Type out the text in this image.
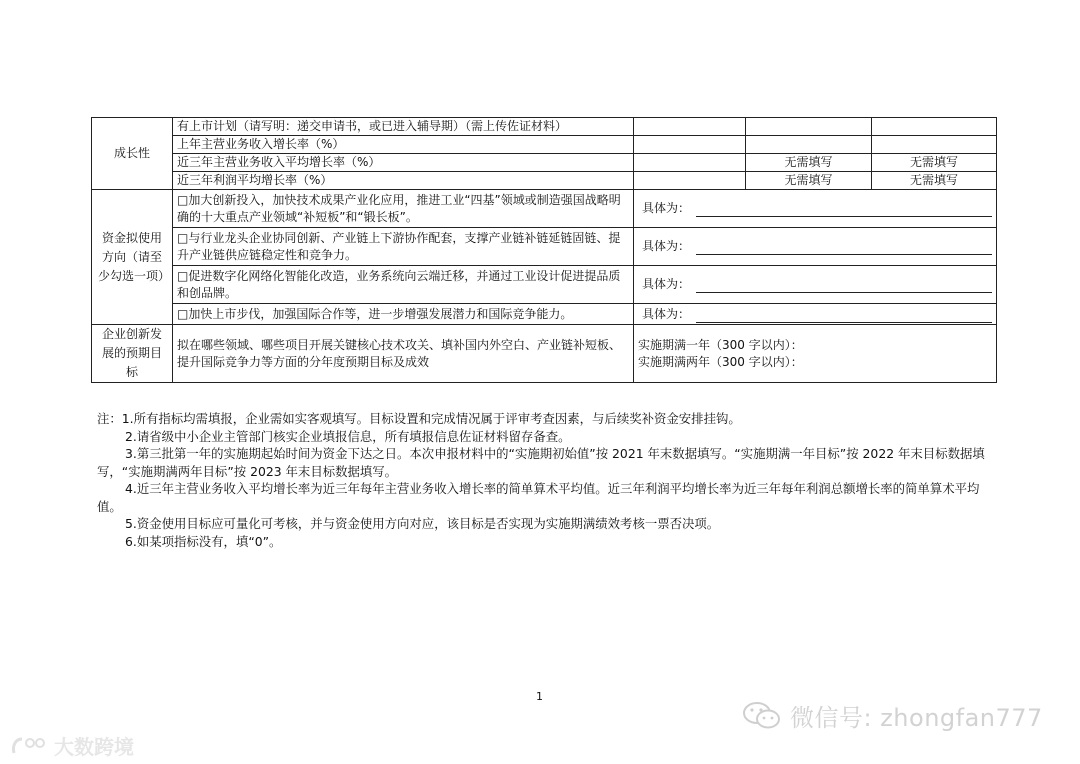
成长性	有上市计划（请写明：递交申请书，或已进入辅导期）（需上传佐证材料）			
	上年主营业务收入增长率（%）			
	近三年主营业务收入平均增长率（%）		无需填写	无需填写
	近三年利润平均增长率（%）		无需填写	无需填写
资金拟使用方向（请至少勾选一项）	□加大创新投入，加快技术成果产业化应用，推进工业“四基”领域或制造强国战略明确的十大重点产业领域“补短板”和“锻长板”。	具体为：		

	□与行业龙头企业协同创新、产业链上下游协作配套，支撑产业链补链延链固链、提升产业链供应链稳定性和竞争力。	具体为：		

	□促进数字化网络化智能化改造，业务系统向云端迁移，并通过工业设计促进提品质和创品牌。	具体为：		

	□加快上市步伐，加强国际合作等，进一步增强发展潜力和国际竞争能力。	具体为：		

企业创新发展的预期目标	拟在哪些领域、哪些项目开展关键核心技术攻关、填补国内外空白、产业链补短板、提升国际竞争力等方面的分年度预期目标及成效	实施期满一年（300 字以内）：
实施期满两年（300 字以内）：		

注：1.所有指标均需填报，企业需如实客观填写。目标设置和完成情况属于评审考查因素，与后续奖补资金安排挂钩。

2.请省级中小企业主管部门核实企业填报信息，所有填报信息佐证材料留存备查。

3.第三批第一年的实施期起始时间为资金下达之日。本次申报材料中的“实施期初始值”按 2021 年末数据填写。“实施期满一年目标”按 2022 年末目标数据填写，“实施期满两年目标”按 2023 年末目标数据填写。

4.近三年主营业务收入平均增长率为近三年每年主营业务收入增长率的简单算术平均值。近三年利润平均增长率为近三年每年利润总额增长率的简单算术平均值。

5.资金使用目标应可量化可考核，并与资金使用方向对应，该目标是否实现为实施期满绩效考核一票否决项。

6.如某项指标没有，填“0”。

1
大数跨境
微信号: zhongfan777
